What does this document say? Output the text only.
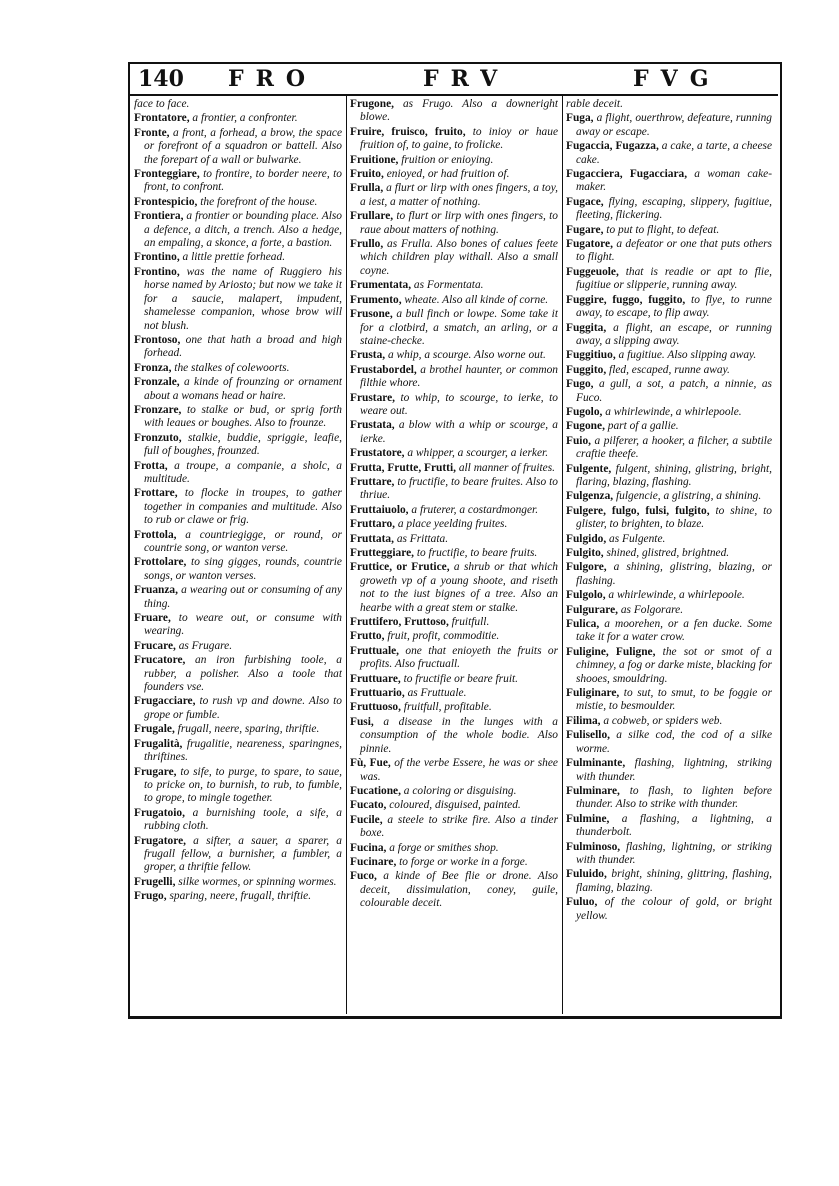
140 FRO	FRV	FVG

face to face.

Frontatore, a frontier, a confronter.

Fronte, a front, a forhead, a brow, the space or forefront of a squadron or battell. Also the forepart of a wall or bulwarke.

Fronteggiare, to frontire, to border neere, to front, to confront.

Frontespicio, the forefront of the house.

Frontiera, a frontier or bounding place. Also a defence, a ditch, a trench. Also a hedge, an empaling, a skonce, a forte, a bastion.

Frontino, a little prettie forhead.

Frontino, was the name of Ruggiero his horse named by Ariosto; but now we take it for a saucie, malapert, impudent, shamelesse companion, whose brow will not blush.

Frontoso, one that hath a broad and high forhead.

Fronza, the stalkes of colewoorts.

Fronzale, a kinde of frounzing or ornament about a womans head or haire.

Fronzare, to stalke or bud, or sprig forth with leaues or boughes. Also to frounze.

Fronzuto, stalkie, buddie, spriggie, leafie, full of boughes, frounzed.

Frotta, a troupe, a companie, a sholc, a multitude.

Frottare, to flocke in troupes, to gather together in companies and multitude. Also to rub or clawe or frig.

Frottola, a countriegigge, or round, or countrie song, or wanton verse.

Frottolare, to sing gigges, rounds, countrie songs, or wanton verses.

Fruanza, a wearing out or consuming of any thing.

Fruare, to weare out, or consume with wearing.

Frucare, as Frugare.

Frucatore, an iron furbishing toole, a rubber, a polisher. Also a toole that founders vse.

Frugacciare, to rush vp and downe. Also to grope or fumble.

Frugale, frugall, neere, sparing, thriftie.

Frugalità, frugalitie, neareness, sparingnes, thriftines.

Frugare, to sife, to purge, to spare, to saue, to pricke on, to burnish, to rub, to fumble, to grope, to mingle together.

Frugatoio, a burnishing toole, a sife, a rubbing cloth.

Frugatore, a sifter, a sauer, a sparer, a frugall fellow, a burnisher, a fumbler, a groper, a thriftie fellow.

Frugelli, silke wormes, or spinning wormes.

Frugo, sparing, neere, frugall, thriftie.

Frugone, as Frugo. Also a downeright blowe.

Fruire, fruisco, fruito, to inioy or haue fruition of, to gaine, to frolicke.

Fruitione, fruition or enioying.

Fruito, enioyed, or had fruition of.

Frulla, a flurt or lirp with ones fingers, a toy, a iest, a matter of nothing.

Frullare, to flurt or lirp with ones fingers, to raue about matters of nothing.

Frullo, as Frulla. Also bones of calues feete which children play withall. Also a small coyne.

Frumentata, as Formentata.

Frumento, wheate. Also all kinde of corne.

Frusone, a bull finch or lowpe. Some take it for a clotbird, a smatch, an arling, or a staine-checke.

Frusta, a whip, a scourge. Also worne out.

Frustabordel, a brothel haunter, or common filthie whore.

Frustare, to whip, to scourge, to ierke, to weare out.

Frustata, a blow with a whip or scourge, a ierke.

Frustatore, a whipper, a scourger, a ierker.

Frutta, Frutte, Frutti, all manner of fruites.

Fruttare, to fructifie, to beare fruites. Also to thriue.

Fruttaiuolo, a fruterer, a costardmonger.

Fruttaro, a place yeelding fruites.

Fruttata, as Frittata.

Frutteggiare, to fructifie, to beare fruits.

Fruttice, or Frutice, a shrub or that which groweth vp of a young shoote, and riseth not to the iust bignes of a tree. Also an hearbe with a great stem or stalke.

Fruttifero, Fruttoso, fruitfull.

Frutto, fruit, profit, commoditie.

Fruttuale, one that enioyeth the fruits or profits. Also fructuall.

Fruttuare, to fructifie or beare fruit.

Fruttuario, as Fruttuale.

Fruttuoso, fruitfull, profitable.

Fusi, a disease in the lunges with a consumption of the whole bodie. Also pinnie.

Fù, Fue, of the verbe Essere, he was or shee was.

Fucatione, a coloring or disguising.

Fucato, coloured, disguised, painted.

Fucile, a steele to strike fire. Also a tinder boxe.

Fucina, a forge or smithes shop.

Fucinare, to forge or worke in a forge.

Fuco, a kinde of Bee flie or drone. Also deceit, dissimulation, coney, guile, colourable deceit.

rable deceit.

Fuga, a flight, ouerthrow, defeature, running away or escape.

Fugaccia, Fugazza, a cake, a tarte, a cheese cake.

Fugacciera, Fugacciara, a woman cake-maker.

Fugace, flying, escaping, slippery, fugitiue, fleeting, flickering.

Fugare, to put to flight, to defeat.

Fugatore, a defeator or one that puts others to flight.

Fuggeuole, that is readie or apt to flie, fugitiue or slipperie, running away.

Fuggire, fuggo, fuggito, to flye, to runne away, to escape, to flip away.

Fuggita, a flight, an escape, or running away, a slipping away.

Fuggitiuo, a fugitiue. Also slipping away.

Fuggito, fled, escaped, runne away.

Fugo, a gull, a sot, a patch, a ninnie, as Fuco.

Fugolo, a whirlewinde, a whirlepoole.

Fugone, part of a gallie.

Fuio, a pilferer, a hooker, a filcher, a subtile craftie theefe.

Fulgente, fulgent, shining, glistring, bright, flaring, blazing, flashing.

Fulgenza, fulgencie, a glistring, a shining.

Fulgere, fulgo, fulsi, fulgito, to shine, to glister, to brighten, to blaze.

Fulgido, as Fulgente.

Fulgito, shined, glistred, brightned.

Fulgore, a shining, glistring, blazing, or flashing.

Fulgolo, a whirlewinde, a whirlepoole.

Fulgurare, as Folgorare.

Fulica, a moorehen, or a fen ducke. Some take it for a water crow.

Fuligine, Fuligne, the sot or smot of a chimney, a fog or darke miste, blacking for shooes, smouldring.

Fuliginare, to sut, to smut, to be foggie or mistie, to besmoulder.

Filima, a cobweb, or spiders web.

Fulisello, a silke cod, the cod of a silke worme.

Fulminante, flashing, lightning, striking with thunder.

Fulminare, to flash, to lighten before thunder. Also to strike with thunder.

Fulmine, a flashing, a lightning, a thunderbolt.

Fulminoso, flashing, lightning, or striking with thunder.

Fuluido, bright, shining, glittring, flashing, flaming, blazing.

Fuluo, of the colour of gold, or bright yellow.
